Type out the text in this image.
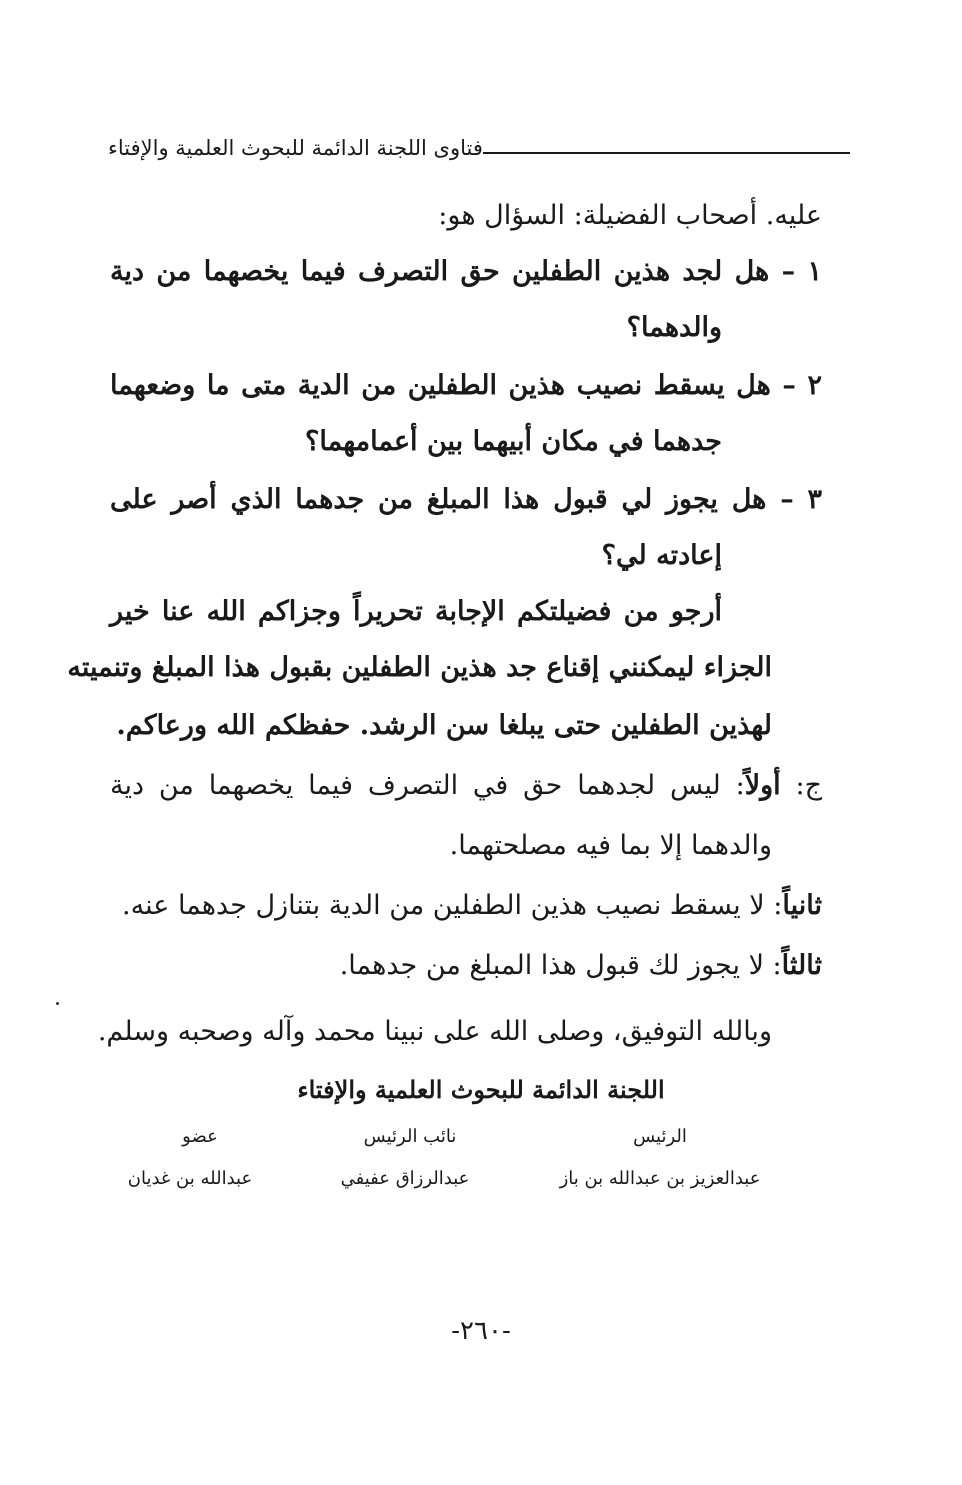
فتاوى اللجنة الدائمة للبحوث العلمية والإفتاء
عليه. أصحاب الفضيلة: السؤال هو:
١ – هل لجد هذين الطفلين حق التصرف فيما يخصهما من دية
والدهما؟
٢ – هل يسقط نصيب هذين الطفلين من الدية متى ما وضعهما
جدهما في مكان أبيهما بين أعمامهما؟
٣ – هل يجوز لي قبول هذا المبلغ من جدهما الذي أصر على
إعادته لي؟
أرجو من فضيلتكم الإجابة تحريراً وجزاكم الله عنا خير
الجزاء ليمكنني إقناع جد هذين الطفلين بقبول هذا المبلغ وتنميته
لهذين الطفلين حتى يبلغا سن الرشد. حفظكم الله ورعاكم.
ج: أولاً: ليس لجدهما حق في التصرف فيما يخصهما من دية
والدهما إلا بما فيه مصلحتهما.
ثانياً: لا يسقط نصيب هذين الطفلين من الدية بتنازل جدهما عنه.
ثالثاً: لا يجوز لك قبول هذا المبلغ من جدهما.
وبالله التوفيق، وصلى الله على نبينا محمد وآله وصحبه وسلم.
اللجنة الدائمة للبحوث العلمية والإفتاء
عضو	نائب الرئيس	الرئيس
عبدالله بن غديان	عبدالرزاق عفيفي	عبدالعزيز بن عبدالله بن باز
-٢٦٠-
